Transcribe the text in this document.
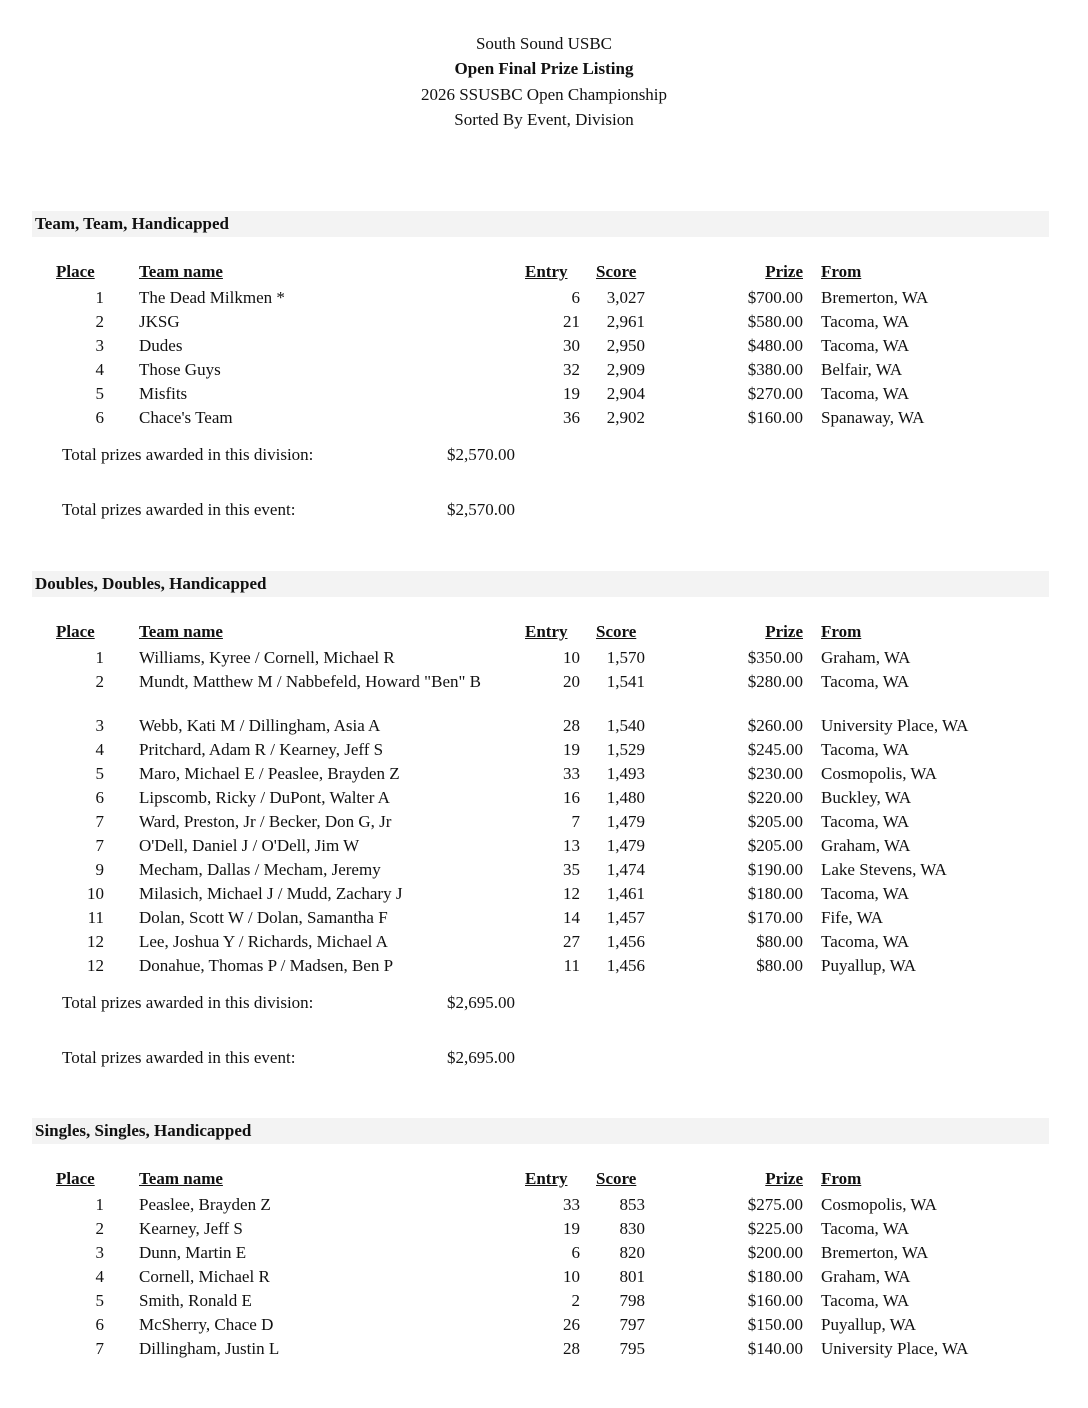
South Sound USBC
Open Final Prize Listing
2026 SSUSBC Open Championship
Sorted By Event, Division
Team, Team, Handicapped
Place	Team name	Entry	Score	Prize From
1 The Dead Milkmen *	6	3,027	$700.00 Bremerton, WA
2 JKSG	21	2,961	$580.00 Tacoma, WA
3 Dudes	30	2,950	$480.00 Tacoma, WA
4 Those Guys	32	2,909	$380.00 Belfair, WA
5 Misfits	19	2,904	$270.00 Tacoma, WA
6 Chace's Team	36	2,902	$160.00 Spanaway, WA
Total prizes awarded in this division:	$2,570.00
Total prizes awarded in this event:	$2,570.00
Doubles, Doubles, Handicapped
Place	Team name	Entry	Score	Prize From
1 Williams, Kyree / Cornell, Michael R	10	1,570	$350.00 Graham, WA
2 Mundt, Matthew M / Nabbefeld, Howard "Ben" B	20	1,541	$280.00 Tacoma, WA
3 Webb, Kati M / Dillingham, Asia A	28	1,540	$260.00 University Place, WA
4 Pritchard, Adam R / Kearney, Jeff S	19	1,529	$245.00 Tacoma, WA
5 Maro, Michael E / Peaslee, Brayden Z	33	1,493	$230.00 Cosmopolis, WA
6 Lipscomb, Ricky / DuPont, Walter A	16	1,480	$220.00 Buckley, WA
7 Ward, Preston, Jr / Becker, Don G, Jr	7	1,479	$205.00 Tacoma, WA
7 O'Dell, Daniel J / O'Dell, Jim W	13	1,479	$205.00 Graham, WA
9 Mecham, Dallas / Mecham, Jeremy	35	1,474	$190.00 Lake Stevens, WA
10 Milasich, Michael J / Mudd, Zachary J	12	1,461	$180.00 Tacoma, WA
11 Dolan, Scott W / Dolan, Samantha F	14	1,457	$170.00 Fife, WA
12 Lee, Joshua Y / Richards, Michael A	27	1,456	$80.00 Tacoma, WA
12 Donahue, Thomas P / Madsen, Ben P	11	1,456	$80.00 Puyallup, WA
Total prizes awarded in this division:	$2,695.00
Total prizes awarded in this event:	$2,695.00
Singles, Singles, Handicapped
Place	Team name	Entry	Score	Prize From
1 Peaslee, Brayden Z	33	853	$275.00 Cosmopolis, WA
2 Kearney, Jeff S	19	830	$225.00 Tacoma, WA
3 Dunn, Martin E	6	820	$200.00 Bremerton, WA
4 Cornell, Michael R	10	801	$180.00 Graham, WA
5 Smith, Ronald E	2	798	$160.00 Tacoma, WA
6 McSherry, Chace D	26	797	$150.00 Puyallup, WA
7 Dillingham, Justin L	28	795	$140.00 University Place, WA
